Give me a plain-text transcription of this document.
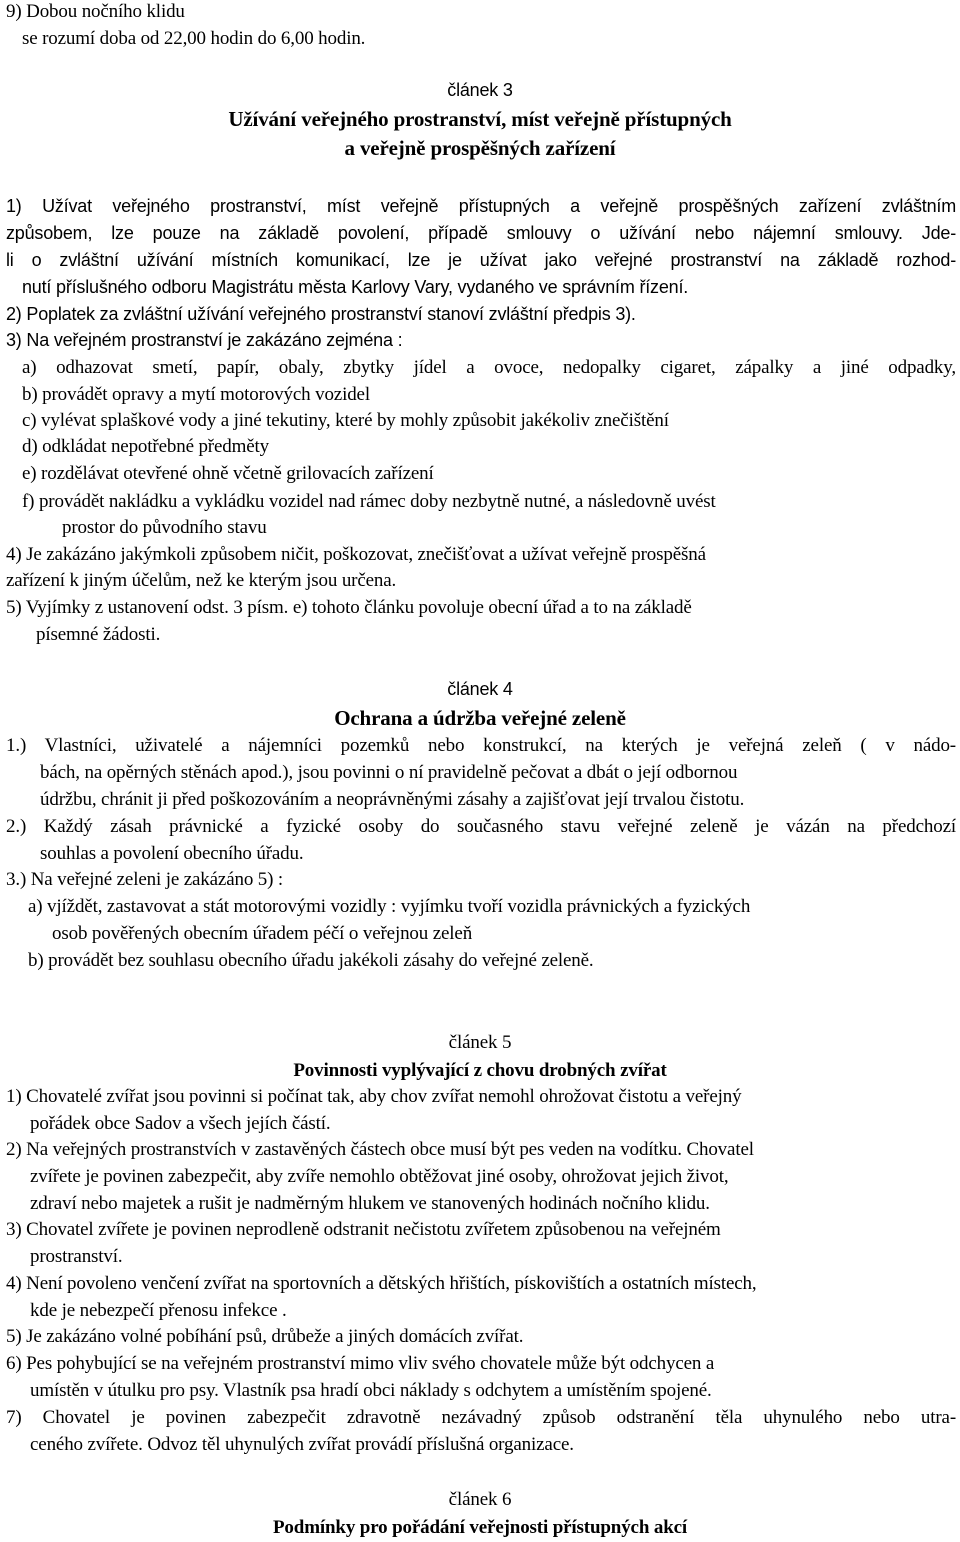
9) Dobou nočního klidu
se rozumí doba od 22,00 hodin do 6,00 hodin.
článek 3
Užívání veřejného prostranství, míst veřejně přístupných
a veřejně prospěšných zařízení
1) Užívat veřejného prostranství, míst veřejně přístupných a veřejně prospěšných zařízení zvláštním
způsobem, lze pouze na základě povolení, případě smlouvy o užívání nebo nájemní smlouvy. Jde-
li o zvláštní užívání místních komunikací, lze je užívat jako veřejné prostranství na základě rozhod-
nutí příslušného odboru Magistrátu města Karlovy Vary, vydaného ve správním řízení.
2) Poplatek za zvláštní užívání veřejného prostranství stanoví zvláštní předpis 3).
3) Na veřejném prostranství je zakázáno zejména :
a) odhazovat smetí, papír, obaly, zbytky jídel a ovoce, nedopalky cigaret, zápalky a jiné odpadky,
b) provádět opravy a mytí motorových vozidel
c) vylévat splaškové vody a jiné tekutiny, které by mohly způsobit jakékoliv znečištění
d) odkládat nepotřebné předměty
e) rozdělávat otevřené ohně včetně grilovacích zařízení
f) provádět nakládku a vykládku vozidel nad rámec doby nezbytně nutné, a následovně uvést
prostor do původního stavu
4) Je zakázáno jakýmkoli způsobem ničit, poškozovat, znečišťovat a užívat veřejně prospěšná
zařízení k jiným účelům, než ke kterým jsou určena.
5) Vyjímky z ustanovení odst. 3 písm. e) tohoto článku povoluje obecní úřad a to na základě
písemné žádosti.
článek 4
Ochrana a údržba veřejné zeleně
1.) Vlastníci, uživatelé a nájemníci pozemků nebo konstrukcí, na kterých je veřejná zeleň ( v nádo-
bách, na opěrných stěnách apod.), jsou povinni o ní pravidelně pečovat a dbát o její odbornou
údržbu, chránit ji před poškozováním a neoprávněnými zásahy a zajišťovat její trvalou čistotu.
2.) Každý zásah právnické a fyzické osoby do současného stavu veřejné zeleně je vázán na předchozí
souhlas a povolení obecního úřadu.
3.) Na veřejné zeleni je zakázáno 5) :
a) vjíždět, zastavovat a stát motorovými vozidly : vyjímku tvoří vozidla právnických a fyzických
osob pověřených obecním úřadem péčí o veřejnou zeleň
b) provádět bez souhlasu obecního úřadu jakékoli zásahy do veřejné zeleně.
článek 5
Povinnosti vyplývající z chovu drobných zvířat
1) Chovatelé zvířat jsou povinni si počínat tak, aby chov zvířat nemohl ohrožovat čistotu a veřejný
pořádek obce Sadov a všech jejích částí.
2) Na veřejných prostranstvích v zastavěných částech obce musí být pes veden na vodítku. Chovatel
zvířete je povinen zabezpečit, aby zvíře nemohlo obtěžovat jiné osoby, ohrožovat jejich život,
zdraví nebo majetek a rušit je nadměrným hlukem ve stanovených hodinách nočního klidu.
3) Chovatel zvířete je povinen neprodleně odstranit nečistotu zvířetem způsobenou na veřejném
prostranství.
4) Není povoleno venčení zvířat na sportovních a dětských hřištích, pískovištích a ostatních místech,
kde je nebezpečí přenosu infekce .
5) Je zakázáno volné pobíhání psů, drůbeže a jiných domácích zvířat.
6) Pes pohybující se na veřejném prostranství mimo vliv svého chovatele může být odchycen a
umístěn v útulku pro psy. Vlastník psa hradí obci náklady s odchytem a umístěním spojené.
7) Chovatel je povinen zabezpečit zdravotně nezávadný způsob odstranění těla uhynulého nebo utra-
ceného zvířete. Odvoz těl uhynulých zvířat provádí příslušná organizace.
článek 6
Podmínky pro pořádání veřejnosti přístupných akcí
